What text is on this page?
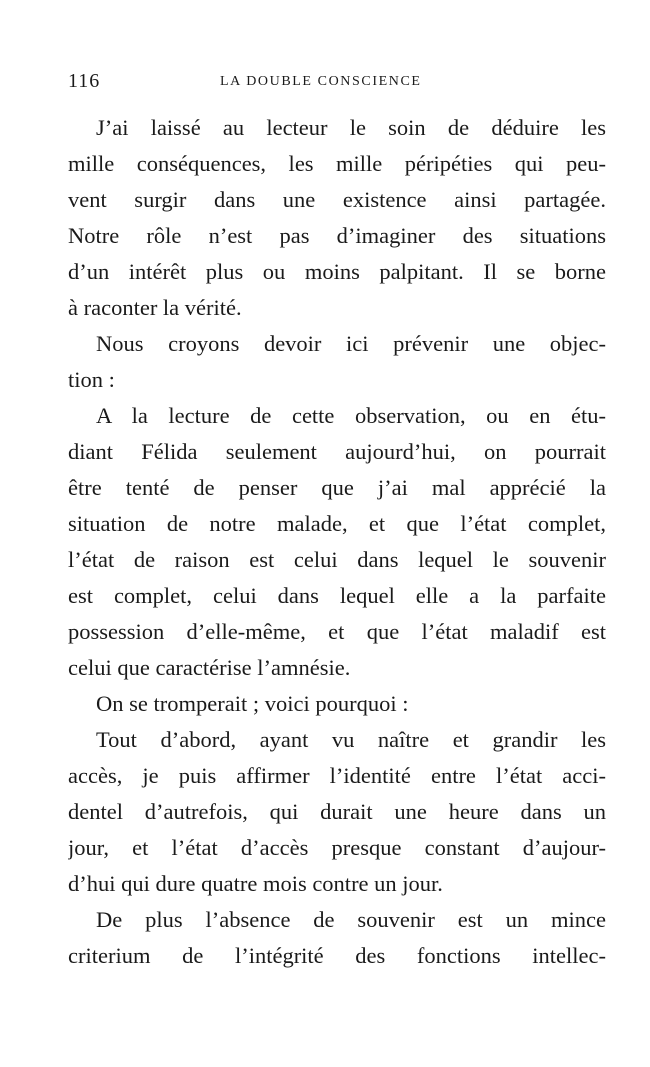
116	LA DOUBLE CONSCIENCE
J’ai laissé au lecteur le soin de déduire les
mille conséquences, les mille péripéties qui peu-
vent surgir dans une existence ainsi partagée.
Notre rôle n’est pas d’imaginer des situations
d’un intérêt plus ou moins palpitant. Il se borne
à raconter la vérité.
Nous croyons devoir ici prévenir une objec-
tion :
A la lecture de cette observation, ou en étu-
diant Félida seulement aujourd’hui, on pourrait
être tenté de penser que j’ai mal apprécié la
situation de notre malade, et que l’état complet,
l’état de raison est celui dans lequel le souvenir
est complet, celui dans lequel elle a la parfaite
possession d’elle-même, et que l’état maladif est
celui que caractérise l’amnésie.
On se tromperait ; voici pourquoi :
Tout d’abord, ayant vu naître et grandir les
accès, je puis affirmer l’identité entre l’état acci-
dentel d’autrefois, qui durait une heure dans un
jour, et l’état d’accès presque constant d’aujour-
d’hui qui dure quatre mois contre un jour.
De plus l’absence de souvenir est un mince
criterium de l’intégrité des fonctions intellec-
